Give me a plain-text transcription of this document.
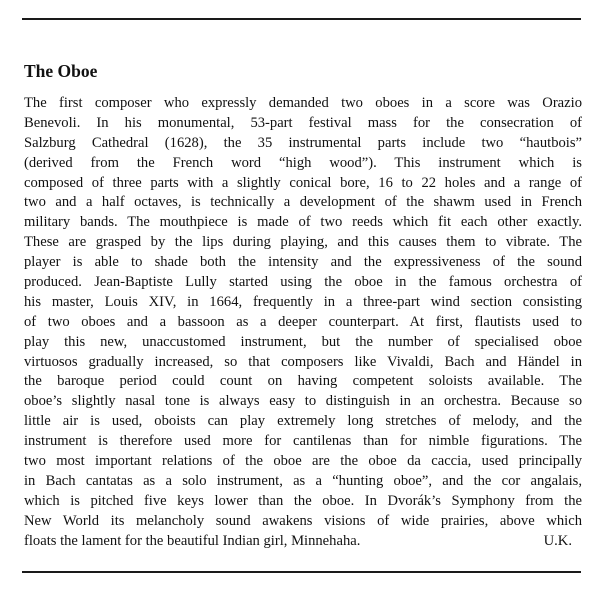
The Oboe
The first composer who expressly demanded two oboes in a score was Orazio
Benevoli. In his monumental, 53-part festival mass for the consecration of
Salzburg Cathedral (1628), the 35 instrumental parts include two “hautbois”
(derived from the French word “high wood”). This instrument which is
composed of three parts with a slightly conical bore, 16 to 22 holes and a range of
two and a half octaves, is technically a development of the shawm used in French
military bands. The mouthpiece is made of two reeds which fit each other exactly.
These are grasped by the lips during playing, and this causes them to vibrate. The
player is able to shade both the intensity and the expressiveness of the sound
produced. Jean-Baptiste Lully started using the oboe in the famous orchestra of
his master, Louis XIV, in 1664, frequently in a three-part wind section consisting
of two oboes and a bassoon as a deeper counterpart. At first, flautists used to
play this new, unaccustomed instrument, but the number of specialised oboe
virtuosos gradually increased, so that composers like Vivaldi, Bach and Händel in
the baroque period could count on having competent soloists available. The
oboe’s slightly nasal tone is always easy to distinguish in an orchestra. Because so
little air is used, oboists can play extremely long stretches of melody, and the
instrument is therefore used more for cantilenas than for nimble figurations. The
two most important relations of the oboe are the oboe da caccia, used principally
in Bach cantatas as a solo instrument, as a “hunting oboe”, and the cor angalais,
which is pitched five keys lower than the oboe. In Dvorák’s Symphony from the
New World its melancholy sound awakens visions of wide prairies, above which
floats the lament for the beautiful Indian girl, Minnehaha.	U.K.
